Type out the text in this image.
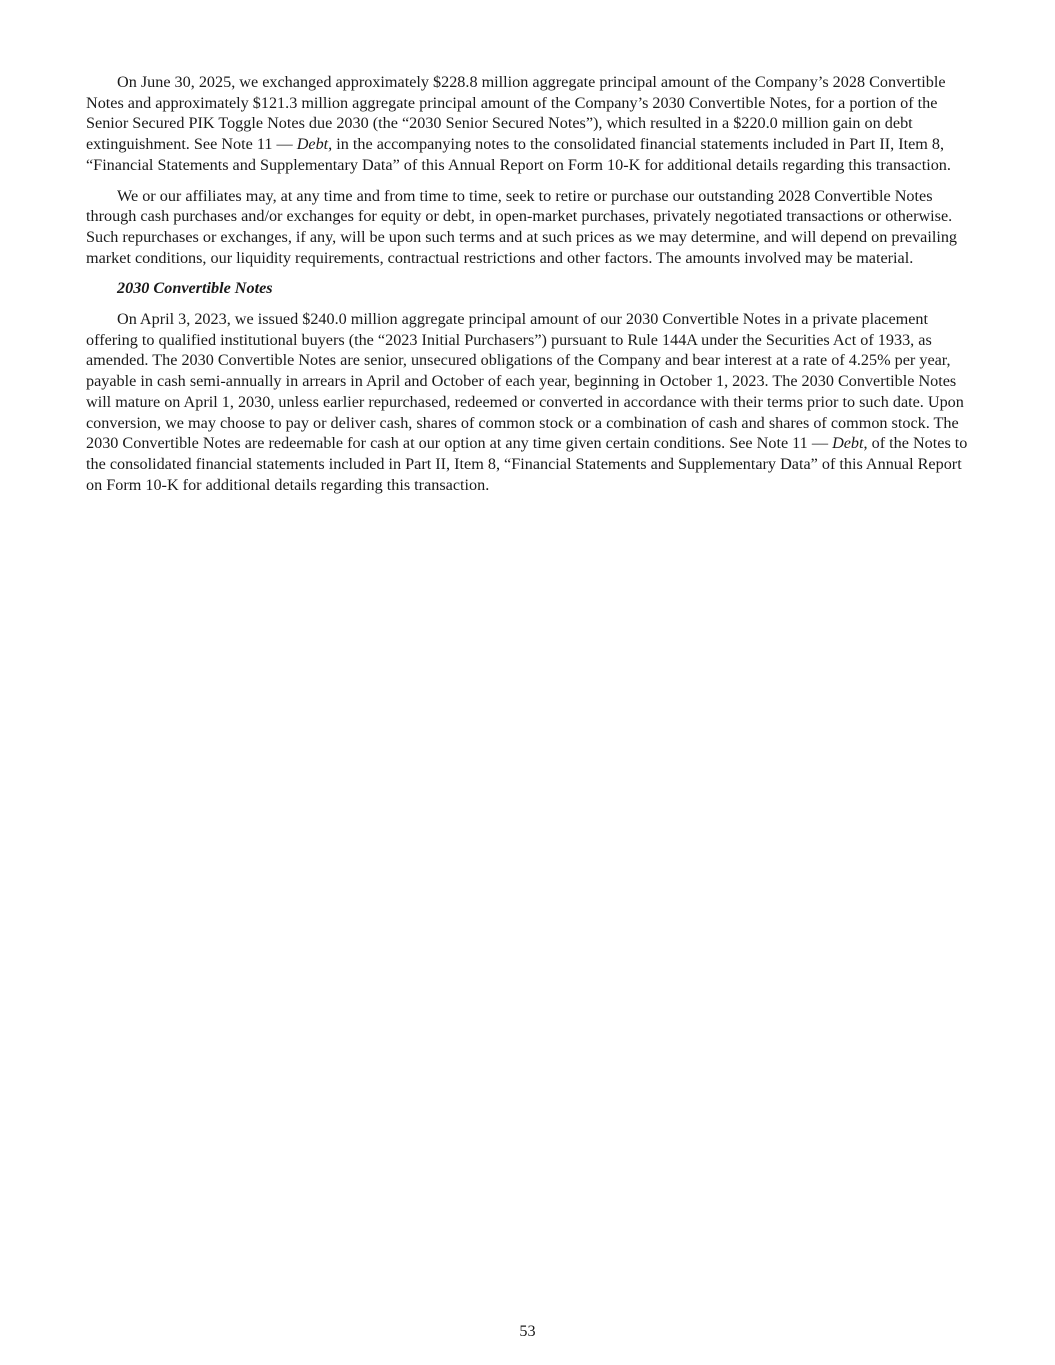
On June 30, 2025, we exchanged approximately $228.8 million aggregate principal amount of the Company’s 2028 Convertible Notes and approximately $121.3 million aggregate principal amount of the Company’s 2030 Convertible Notes, for a portion of the Senior Secured PIK Toggle Notes due 2030 (the “2030 Senior Secured Notes”), which resulted in a $220.0 million gain on debt extinguishment. See Note 11 — Debt, in the accompanying notes to the consolidated financial statements included in Part II, Item 8, “Financial Statements and Supplementary Data” of this Annual Report on Form 10-K for additional details regarding this transaction.

We or our affiliates may, at any time and from time to time, seek to retire or purchase our outstanding 2028 Convertible Notes through cash purchases and/or exchanges for equity or debt, in open-market purchases, privately negotiated transactions or otherwise. Such repurchases or exchanges, if any, will be upon such terms and at such prices as we may determine, and will depend on prevailing market conditions, our liquidity requirements, contractual restrictions and other factors. The amounts involved may be material.

2030 Convertible Notes

On April 3, 2023, we issued $240.0 million aggregate principal amount of our 2030 Convertible Notes in a private placement offering to qualified institutional buyers (the “2023 Initial Purchasers”) pursuant to Rule 144A under the Securities Act of 1933, as amended. The 2030 Convertible Notes are senior, unsecured obligations of the Company and bear interest at a rate of 4.25% per year, payable in cash semi-annually in arrears in April and October of each year, beginning in October 1, 2023. The 2030 Convertible Notes will mature on April 1, 2030, unless earlier repurchased, redeemed or converted in accordance with their terms prior to such date. Upon conversion, we may choose to pay or deliver cash, shares of common stock or a combination of cash and shares of common stock. The 2030 Convertible Notes are redeemable for cash at our option at any time given certain conditions. See Note 11 — Debt, of the Notes to the consolidated financial statements included in Part II, Item 8, “Financial Statements and Supplementary Data” of this Annual Report on Form 10-K for additional details regarding this transaction.

53
